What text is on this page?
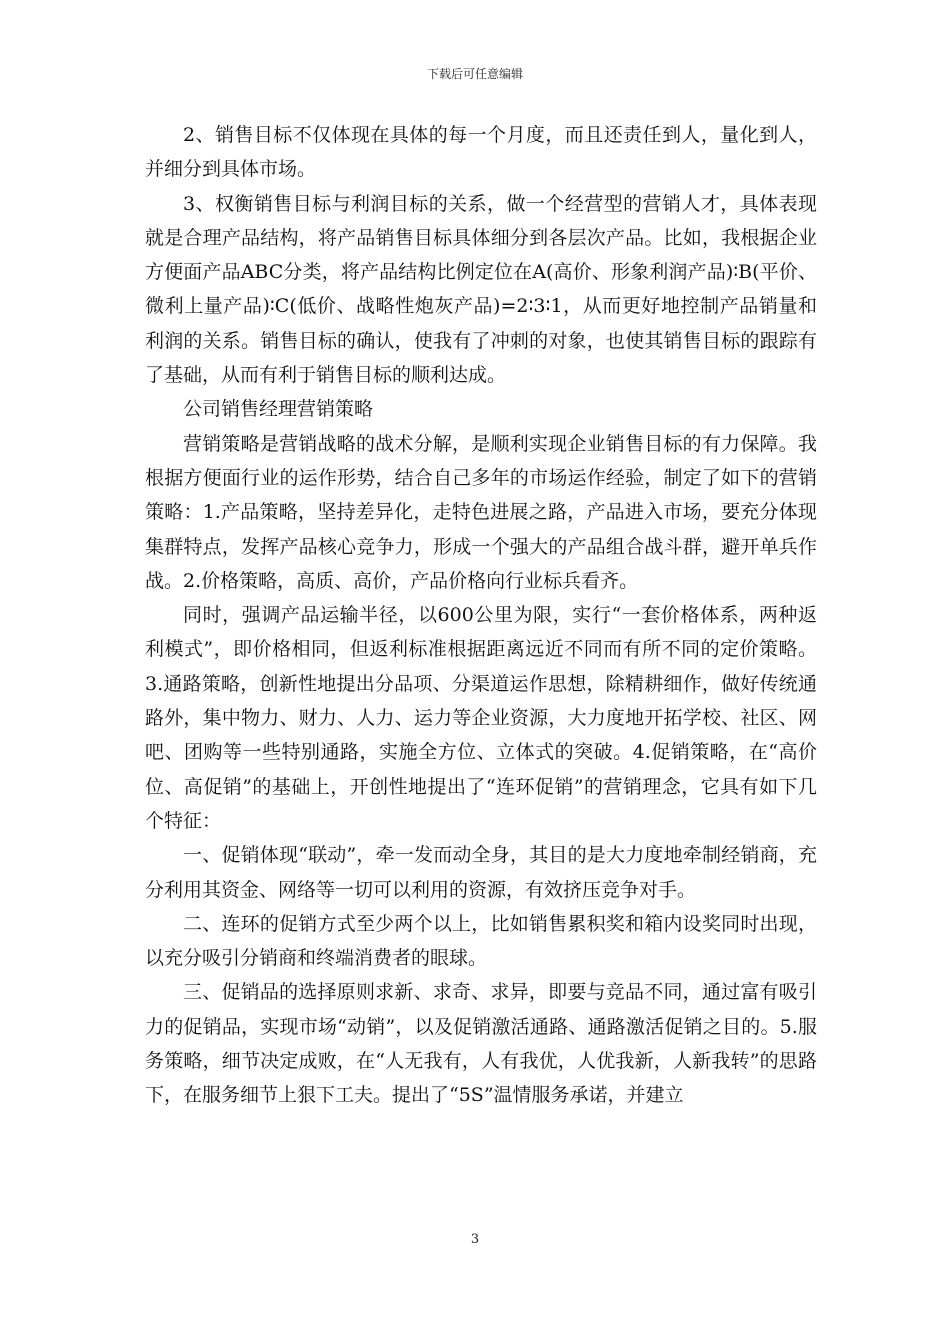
下载后可任意编辑

2、销售目标不仅体现在具体的每一个月度，而且还责任到人，量化到人，并细分到具体市场。

3、权衡销售目标与利润目标的关系，做一个经营型的营销人才，具体表现就是合理产品结构，将产品销售目标具体细分到各层次产品。比如，我根据企业方便面产品ABC分类，将产品结构比例定位在A(高价、形象利润产品)∶B(平价、微利上量产品)∶C(低价、战略性炮灰产品)=2∶3∶1，从而更好地控制产品销量和利润的关系。销售目标的确认，使我有了冲刺的对象，也使其销售目标的跟踪有了基础，从而有利于销售目标的顺利达成。

公司销售经理营销策略

营销策略是营销战略的战术分解，是顺利实现企业销售目标的有力保障。我根据方便面行业的运作形势，结合自己多年的市场运作经验，制定了如下的营销策略：1.产品策略，坚持差异化，走特色进展之路，产品进入市场，要充分体现集群特点，发挥产品核心竞争力，形成一个强大的产品组合战斗群，避开单兵作战。2.价格策略，高质、高价，产品价格向行业标兵看齐。

同时，强调产品运输半径，以600公里为限，实行“一套价格体系，两种返利模式”，即价格相同，但返利标准根据距离远近不同而有所不同的定价策略。3.通路策略，创新性地提出分品项、分渠道运作思想，除精耕细作，做好传统通路外，集中物力、财力、人力、运力等企业资源，大力度地开拓学校、社区、网吧、团购等一些特别通路，实施全方位、立体式的突破。4.促销策略，在“高价位、高促销”的基础上，开创性地提出了“连环促销”的营销理念，它具有如下几个特征：

一、促销体现“联动”，牵一发而动全身，其目的是大力度地牵制经销商，充分利用其资金、网络等一切可以利用的资源，有效挤压竞争对手。

二、连环的促销方式至少两个以上，比如销售累积奖和箱内设奖同时出现，以充分吸引分销商和终端消费者的眼球。

三、促销品的选择原则求新、求奇、求异，即要与竞品不同，通过富有吸引力的促销品，实现市场“动销”，以及促销激活通路、通路激活促销之目的。5.服务策略，细节决定成败，在“人无我有，人有我优，人优我新，人新我转”的思路下，在服务细节上狠下工夫。提出了“5S”温情服务承诺，并建立

3
